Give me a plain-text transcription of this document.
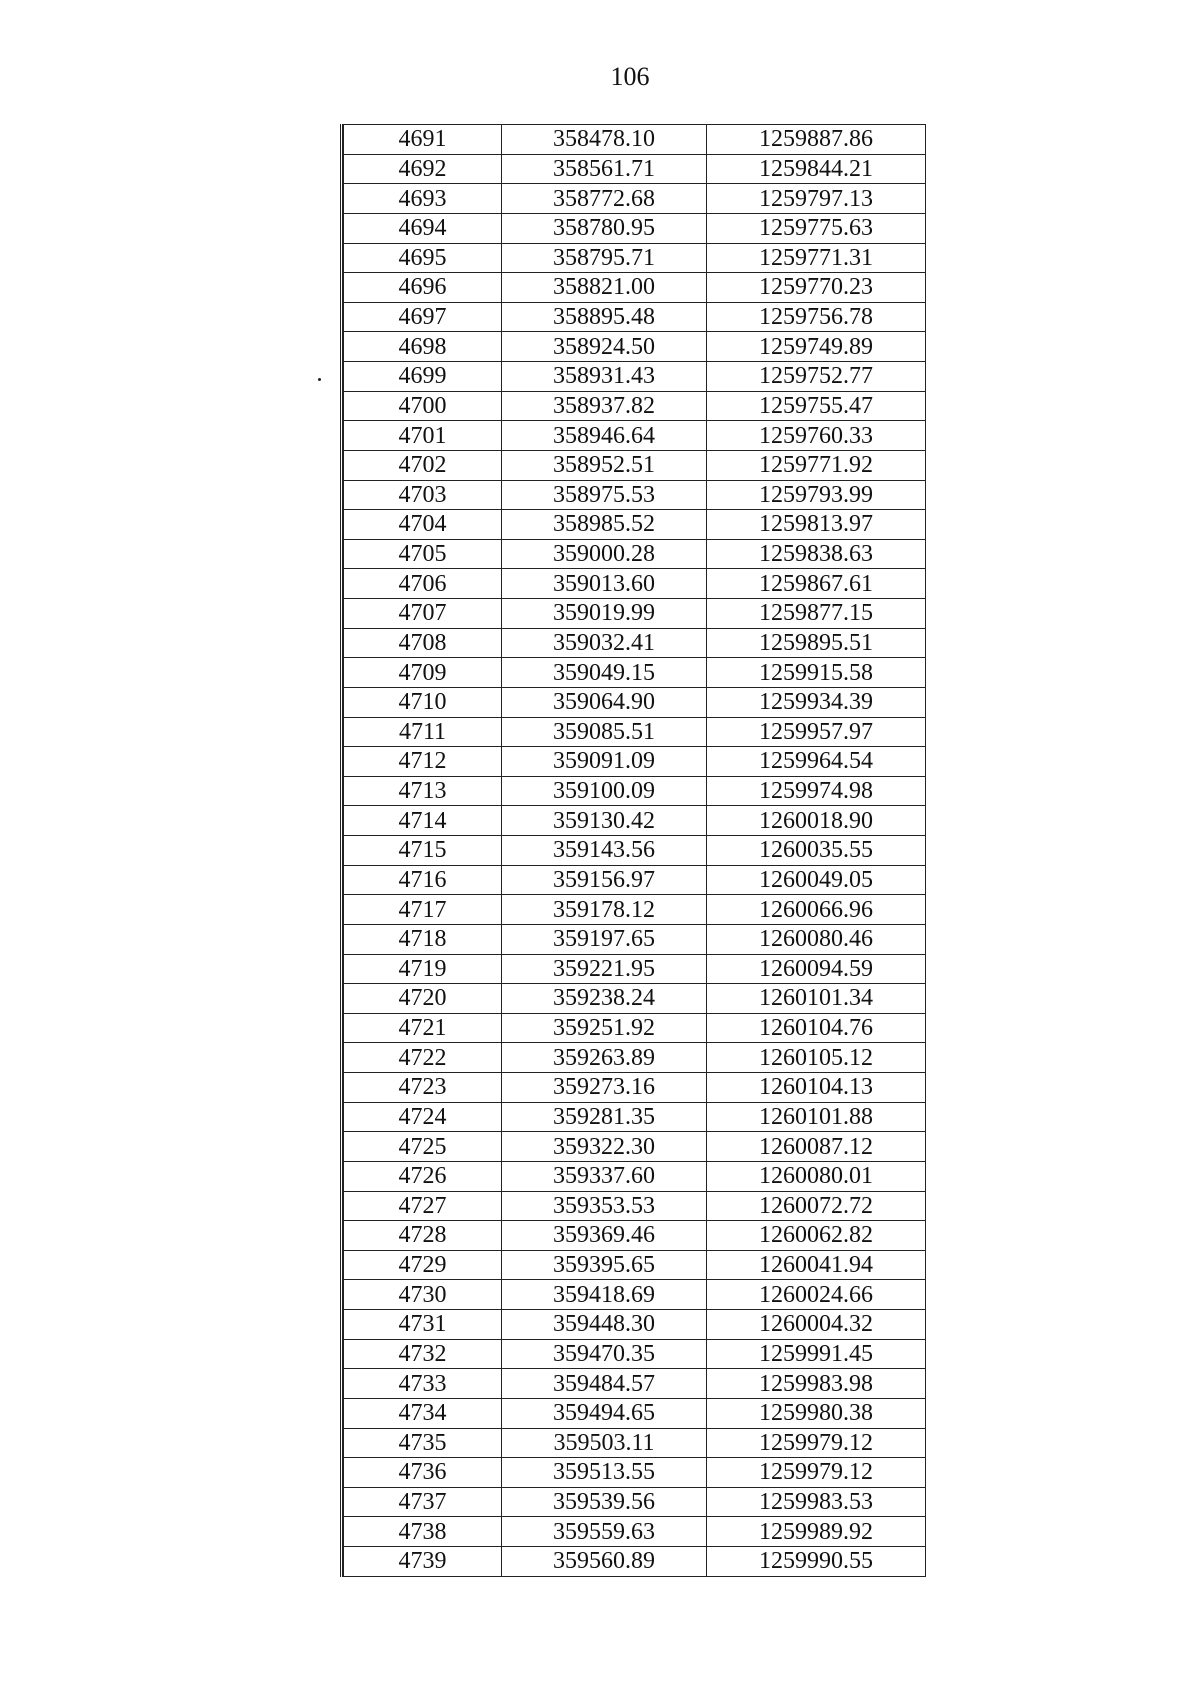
106
4691	358478.10	1259887.86
4692	358561.71	1259844.21
4693	358772.68	1259797.13
4694	358780.95	1259775.63
4695	358795.71	1259771.31
4696	358821.00	1259770.23
4697	358895.48	1259756.78
4698	358924.50	1259749.89
4699	358931.43	1259752.77
4700	358937.82	1259755.47
4701	358946.64	1259760.33
4702	358952.51	1259771.92
4703	358975.53	1259793.99
4704	358985.52	1259813.97
4705	359000.28	1259838.63
4706	359013.60	1259867.61
4707	359019.99	1259877.15
4708	359032.41	1259895.51
4709	359049.15	1259915.58
4710	359064.90	1259934.39
4711	359085.51	1259957.97
4712	359091.09	1259964.54
4713	359100.09	1259974.98
4714	359130.42	1260018.90
4715	359143.56	1260035.55
4716	359156.97	1260049.05
4717	359178.12	1260066.96
4718	359197.65	1260080.46
4719	359221.95	1260094.59
4720	359238.24	1260101.34
4721	359251.92	1260104.76
4722	359263.89	1260105.12
4723	359273.16	1260104.13
4724	359281.35	1260101.88
4725	359322.30	1260087.12
4726	359337.60	1260080.01
4727	359353.53	1260072.72
4728	359369.46	1260062.82
4729	359395.65	1260041.94
4730	359418.69	1260024.66
4731	359448.30	1260004.32
4732	359470.35	1259991.45
4733	359484.57	1259983.98
4734	359494.65	1259980.38
4735	359503.11	1259979.12
4736	359513.55	1259979.12
4737	359539.56	1259983.53
4738	359559.63	1259989.92
4739	359560.89	1259990.55
